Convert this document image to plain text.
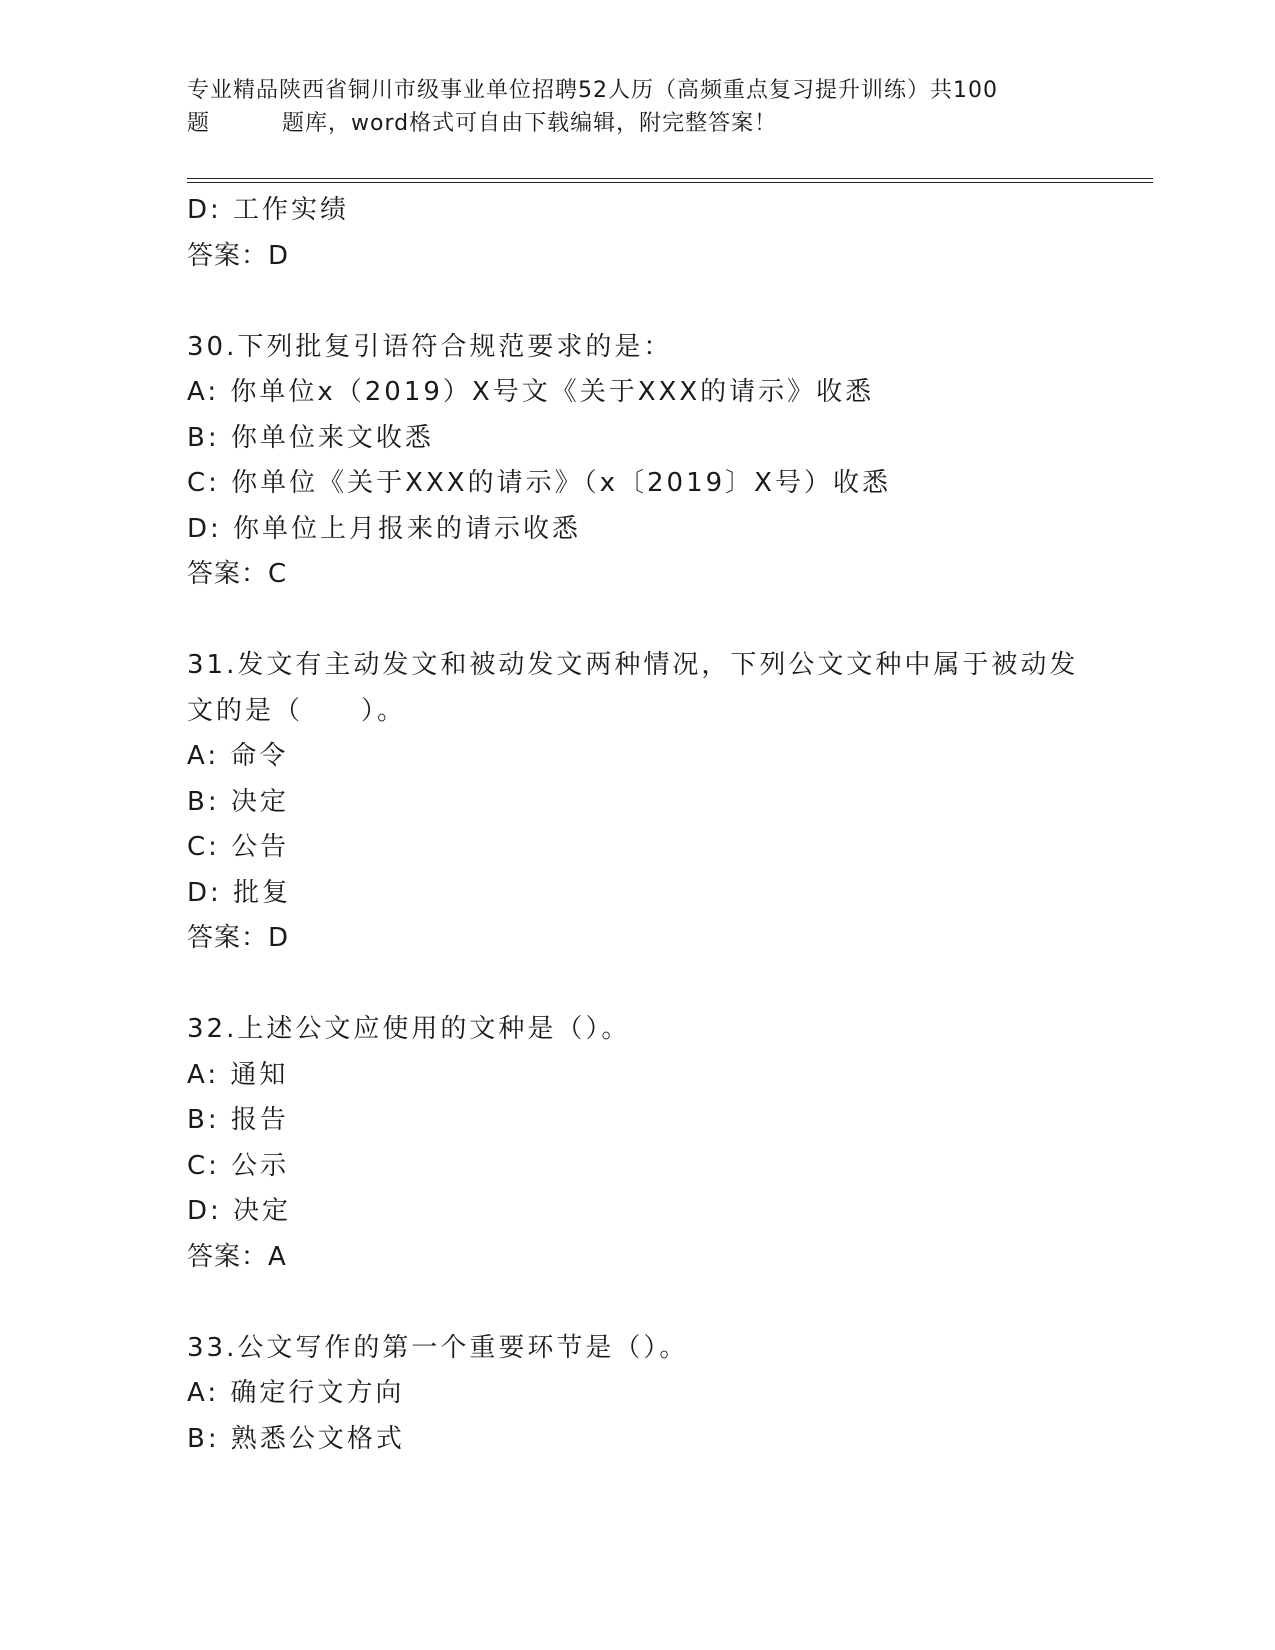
专业精品陕西省铜川市级事业单位招聘52人历（高频重点复习提升训练）共100
题	题库，word格式可自由下载编辑，附完整答案！
D: 工作实绩
答案：D
30.下列批复引语符合规范要求的是：
A: 你单位x（2019）X号文《关于XXX的请示》收悉
B: 你单位来文收悉
C: 你单位《关于XXX的请示》（x〔2019〕X号）收悉
D: 你单位上月报来的请示收悉
答案：C
31.发文有主动发文和被动发文两种情况，下列公文文种中属于被动发
文的是（　　）。
A: 命令
B: 决定
C: 公告
D: 批复
答案：D
32.上述公文应使用的文种是（）。
A: 通知
B: 报告
C: 公示
D: 决定
答案：A
33.公文写作的第一个重要环节是（）。
A: 确定行文方向
B: 熟悉公文格式
